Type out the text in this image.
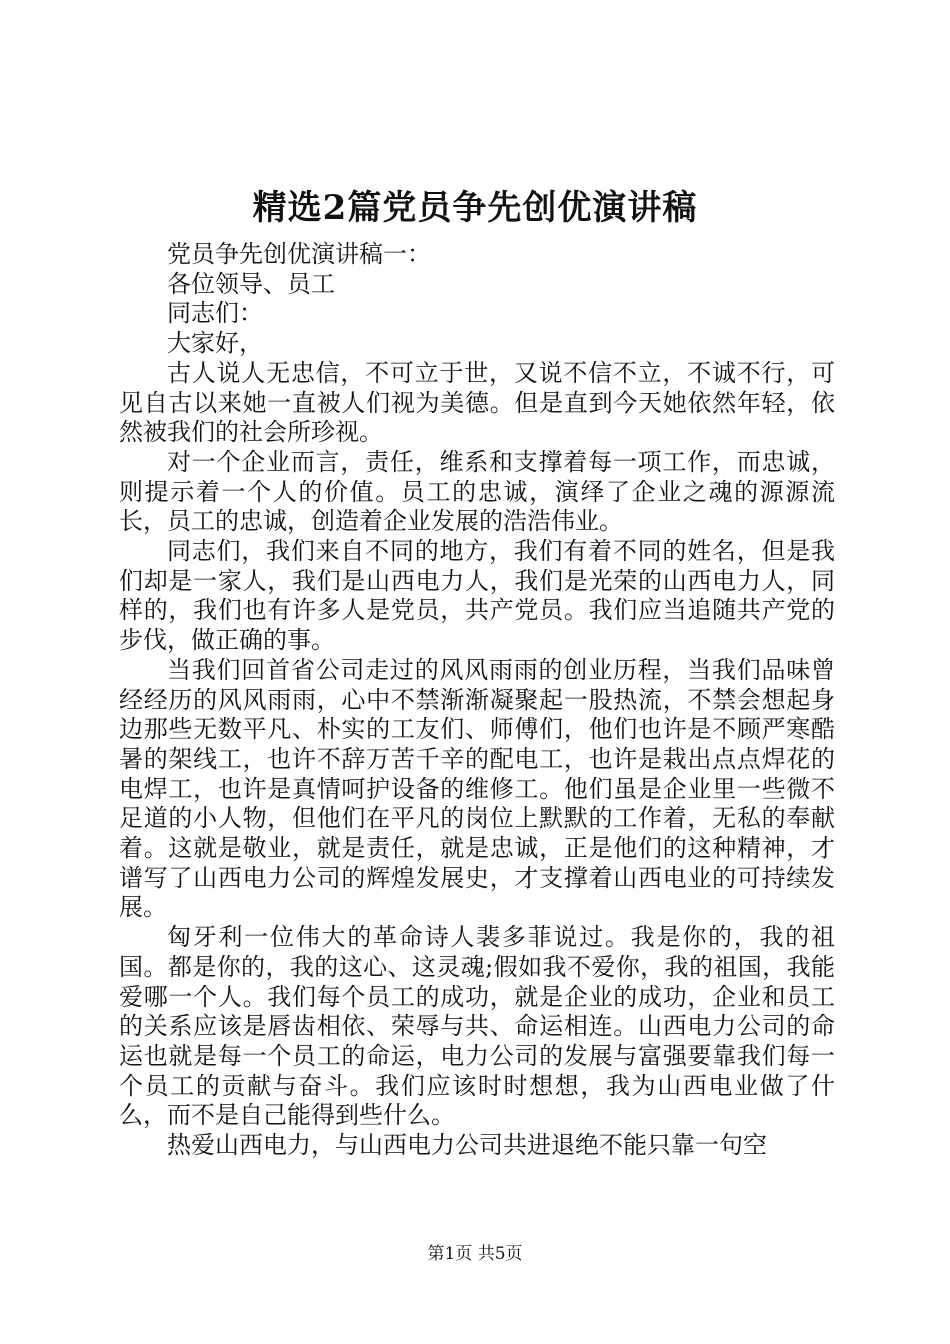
精选2篇党员争先创优演讲稿

党员争先创优演讲稿一：

各位领导、员工

同志们：

大家好，

古人说人无忠信，不可立于世，又说不信不立，不诚不行，可见自古以来她一直被人们视为美德。但是直到今天她依然年轻，依然被我们的社会所珍视。

对一个企业而言，责任，维系和支撑着每一项工作，而忠诚，则提示着一个人的价值。员工的忠诚，演绎了企业之魂的源源流长，员工的忠诚，创造着企业发展的浩浩伟业。

同志们，我们来自不同的地方，我们有着不同的姓名，但是我们却是一家人，我们是山西电力人，我们是光荣的山西电力人，同样的，我们也有许多人是党员，共产党员。我们应当追随共产党的步伐，做正确的事。

当我们回首省公司走过的风风雨雨的创业历程，当我们品味曾经经历的风风雨雨，心中不禁渐渐凝聚起一股热流，不禁会想起身边那些无数平凡、朴实的工友们、师傅们，他们也许是不顾严寒酷暑的架线工，也许不辞万苦千辛的配电工，也许是栽出点点焊花的电焊工，也许是真情呵护设备的维修工。他们虽是企业里一些微不足道的小人物，但他们在平凡的岗位上默默的工作着，无私的奉献着。这就是敬业，就是责任，就是忠诚，正是他们的这种精神，才谱写了山西电力公司的辉煌发展史，才支撑着山西电业的可持续发展。

匈牙利一位伟大的革命诗人裴多菲说过。我是你的，我的祖国。都是你的，我的这心、这灵魂;假如我不爱你，我的祖国，我能爱哪一个人。我们每个员工的成功，就是企业的成功，企业和员工的关系应该是唇齿相依、荣辱与共、命运相连。山西电力公司的命运也就是每一个员工的命运，电力公司的发展与富强要靠我们每一个员工的贡献与奋斗。我们应该时时想想，我为山西电业做了什么，而不是自己能得到些什么。

热爱山西电力，与山西电力公司共进退绝不能只靠一句空

第1页 共5页
